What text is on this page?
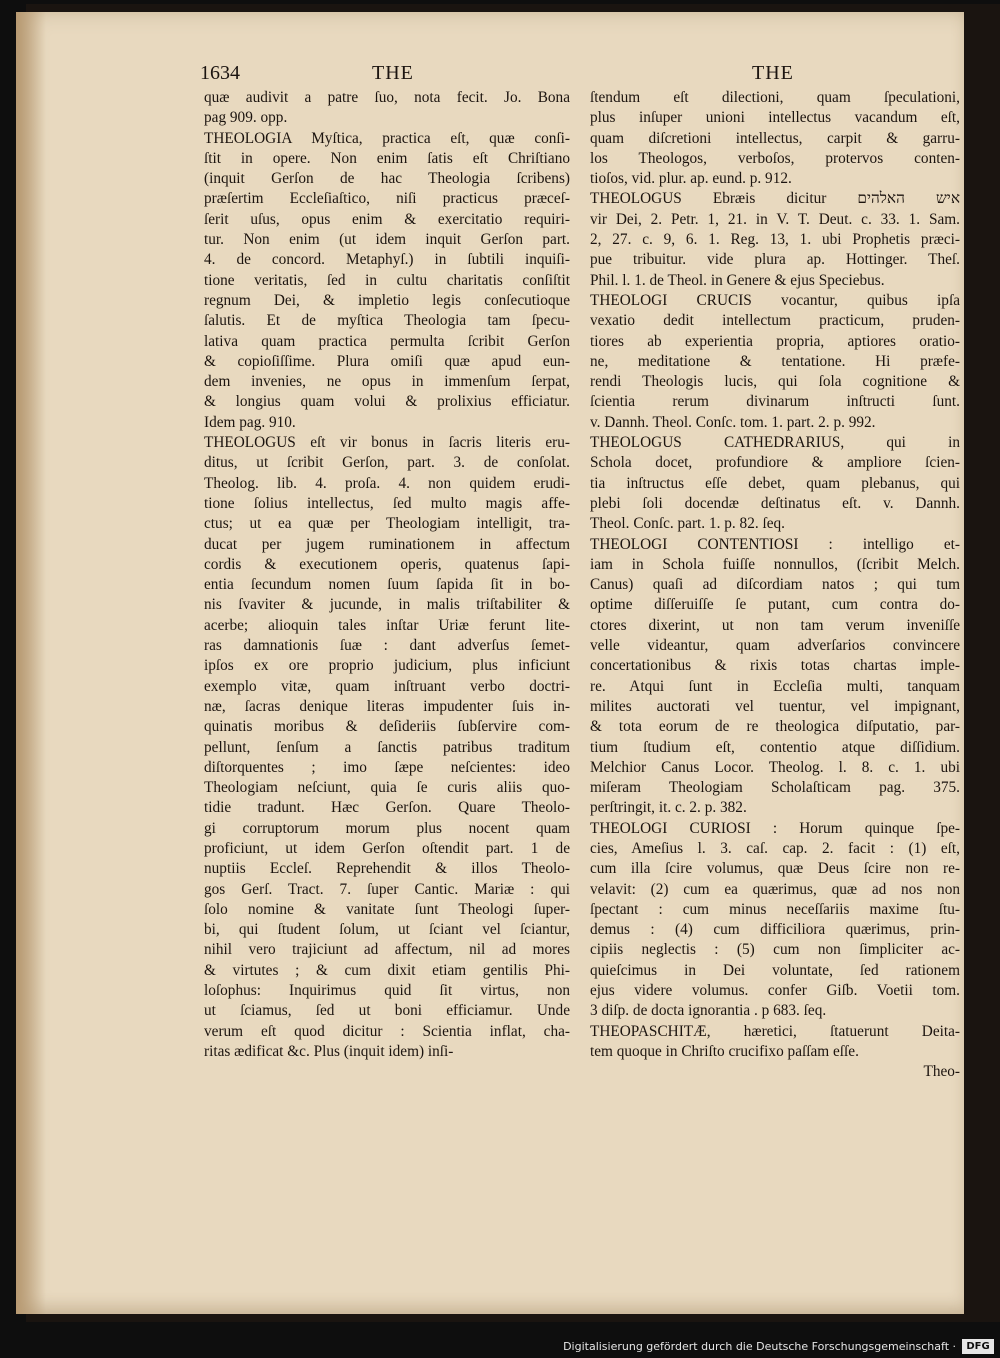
1634	THE	THE
quæ audivit a patre ſuo, nota fecit. Jo. Bona
pag 909. opp.
THEOLOGIA Myſtica, practica eſt, quæ conſi-
ſtit in opere. Non enim ſatis eſt Chriſtiano
(inquit Gerſon de hac Theologia ſcribens)
præſertim Eccleſiaſtico, niſi practicus præceſ-
ſerit uſus, opus enim & exercitatio requiri-
tur. Non enim (ut idem inquit Gerſon part.
4. de concord. Metaphyſ.) in ſubtili inquiſi-
tione veritatis, ſed in cultu charitatis conſiſtit
regnum Dei, & impletio legis conſecutioque
ſalutis. Et de myſtica Theologia tam ſpecu-
lativa quam practica permulta ſcribit Gerſon
& copioſiſſime. Plura omiſi quæ apud eun-
dem invenies, ne opus in immenſum ſerpat,
& longius quam volui & prolixius efficiatur.
Idem pag. 910.
THEOLOGUS eſt vir bonus in ſacris literis eru-
ditus, ut ſcribit Gerſon, part. 3. de conſolat.
Theolog. lib. 4. proſa. 4. non quidem erudi-
tione ſolius intellectus, ſed multo magis affe-
ctus; ut ea quæ per Theologiam intelligit, tra-
ducat per jugem ruminationem in affectum
cordis & executionem operis, quatenus ſapi-
entia ſecundum nomen ſuum ſapida ſit in bo-
nis ſvaviter & jucunde, in malis triſtabiliter &
acerbe; alioquin tales inſtar Uriæ ferunt lite-
ras damnationis ſuæ : dant adverſus ſemet-
ipſos ex ore proprio judicium, plus inficiunt
exemplo vitæ, quam inſtruant verbo doctri-
næ, ſacras denique literas impudenter ſuis in-
quinatis moribus & deſideriis ſubſervire com-
pellunt, ſenſum a ſanctis patribus traditum
diſtorquentes ; imo ſæpe neſcientes: ideo
Theologiam neſciunt, quia ſe curis aliis quo-
tidie tradunt. Hæc Gerſon. Quare Theolo-
gi corruptorum morum plus nocent quam
proficiunt, ut idem Gerſon oſtendit part. 1 de
nuptiis Eccleſ. Reprehendit & illos Theolo-
gos Gerſ. Tract. 7. ſuper Cantic. Mariæ : qui
ſolo nomine & vanitate ſunt Theologi ſuper-
bi, qui ſtudent ſolum, ut ſciant vel ſciantur,
nihil vero trajiciunt ad affectum, nil ad mores
& virtutes ; & cum dixit etiam gentilis Phi-
loſophus: Inquirimus quid ſit virtus, non
ut ſciamus, ſed ut boni efficiamur. Unde
verum eſt quod dicitur : Scientia inflat, cha-
ritas ædificat &c. Plus (inquit idem) inſi-
ſtendum eſt dilectioni, quam ſpeculationi,
plus inſuper unioni intellectus vacandum eſt,
quam diſcretioni intellectus, carpit & garru-
los Theologos, verboſos, protervos conten-
tioſos, vid. plur. ap. eund. p. 912.
THEOLOGUS Ebræis dicitur איש האלהים
vir Dei, 2. Petr. 1, 21. in V. T. Deut. c. 33. 1. Sam.
2, 27. c. 9, 6. 1. Reg. 13, 1. ubi Prophetis præci-
pue tribuitur. vide plura ap. Hottinger. Theſ.
Phil. l. 1. de Theol. in Genere & ejus Speciebus.
THEOLOGI CRUCIS vocantur, quibus ipſa
vexatio dedit intellectum practicum, pruden-
tiores ab experientia propria, aptiores oratio-
ne, meditatione & tentatione. Hi præfe-
rendi Theologis lucis, qui ſola cognitione &
ſcientia rerum divinarum inſtructi ſunt.
v. Dannh. Theol. Conſc. tom. 1. part. 2. p. 992.
THEOLOGUS CATHEDRARIUS, qui in
Schola docet, profundiore & ampliore ſcien-
tia inſtructus eſſe debet, quam plebanus, qui
plebi ſoli docendæ deſtinatus eſt. v. Dannh.
Theol. Conſc. part. 1. p. 82. ſeq.
THEOLOGI CONTENTIOSI : intelligo et-
iam in Schola fuiſſe nonnullos, (ſcribit Melch.
Canus) quaſi ad diſcordiam natos ; qui tum
optime diſſeruiſſe ſe putant, cum contra do-
ctores dixerint, ut non tam verum inveniſſe
velle videantur, quam adverſarios convincere
concertationibus & rixis totas chartas imple-
re. Atqui ſunt in Eccleſia multi, tanquam
milites auctorati vel tuentur, vel impignant,
& tota eorum de re theologica diſputatio, par-
tium ſtudium eſt, contentio atque diſſidium.
Melchior Canus Locor. Theolog. l. 8. c. 1. ubi
miſeram Theologiam Scholaſticam pag. 375.
perſtringit, it. c. 2. p. 382.
THEOLOGI CURIOSI : Horum quinque ſpe-
cies, Ameſius l. 3. caſ. cap. 2. facit : (1) eſt,
cum illa ſcire volumus, quæ Deus ſcire non re-
velavit: (2) cum ea quærimus, quæ ad nos non
ſpectant : cum minus neceſſariis maxime ſtu-
demus : (4) cum difficiliora quærimus, prin-
cipiis neglectis : (5) cum non ſimpliciter ac-
quieſcimus in Dei voluntate, ſed rationem
ejus videre volumus. confer Giſb. Voetii tom.
3 diſp. de docta ignorantia . p 683. ſeq.
THEOPASCHITÆ, hæretici, ſtatuerunt Deita-
tem quoque in Chriſto crucifixo paſſam eſſe.
Theo-
Digitalisierung gefördert durch die Deutsche Forschungsgemeinschaft ·	DFG
